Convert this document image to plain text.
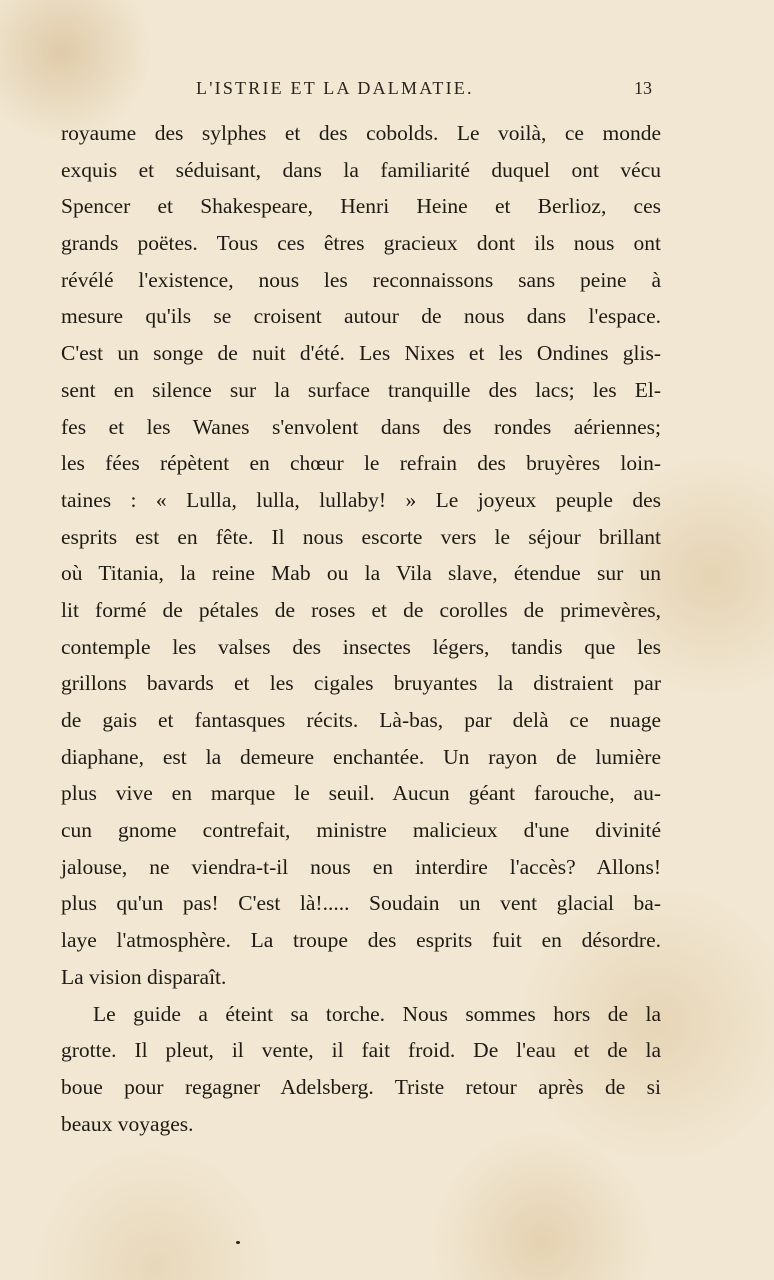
L'ISTRIE ET LA DALMATIE.	13
royaume des sylphes et des cobolds. Le voilà, ce monde
exquis et séduisant, dans la familiarité duquel ont vécu
Spencer et Shakespeare, Henri Heine et Berlioz, ces
grands poëtes. Tous ces êtres gracieux dont ils nous ont
révélé l'existence, nous les reconnaissons sans peine à
mesure qu'ils se croisent autour de nous dans l'espace.
C'est un songe de nuit d'été. Les Nixes et les Ondines glis-
sent en silence sur la surface tranquille des lacs; les El-
fes et les Wanes s'envolent dans des rondes aériennes;
les fées répètent en chœur le refrain des bruyères loin-
taines : « Lulla, lulla, lullaby! » Le joyeux peuple des
esprits est en fête. Il nous escorte vers le séjour brillant
où Titania, la reine Mab ou la Vila slave, étendue sur un
lit formé de pétales de roses et de corolles de primevères,
contemple les valses des insectes légers, tandis que les
grillons bavards et les cigales bruyantes la distraient par
de gais et fantasques récits. Là-bas, par delà ce nuage
diaphane, est la demeure enchantée. Un rayon de lumière
plus vive en marque le seuil. Aucun géant farouche, au-
cun gnome contrefait, ministre malicieux d'une divinité
jalouse, ne viendra-t-il nous en interdire l'accès? Allons!
plus qu'un pas! C'est là!..... Soudain un vent glacial ba-
laye l'atmosphère. La troupe des esprits fuit en désordre.
La vision disparaît.
Le guide a éteint sa torche. Nous sommes hors de la
grotte. Il pleut, il vente, il fait froid. De l'eau et de la
boue pour regagner Adelsberg. Triste retour après de si
beaux voyages.
